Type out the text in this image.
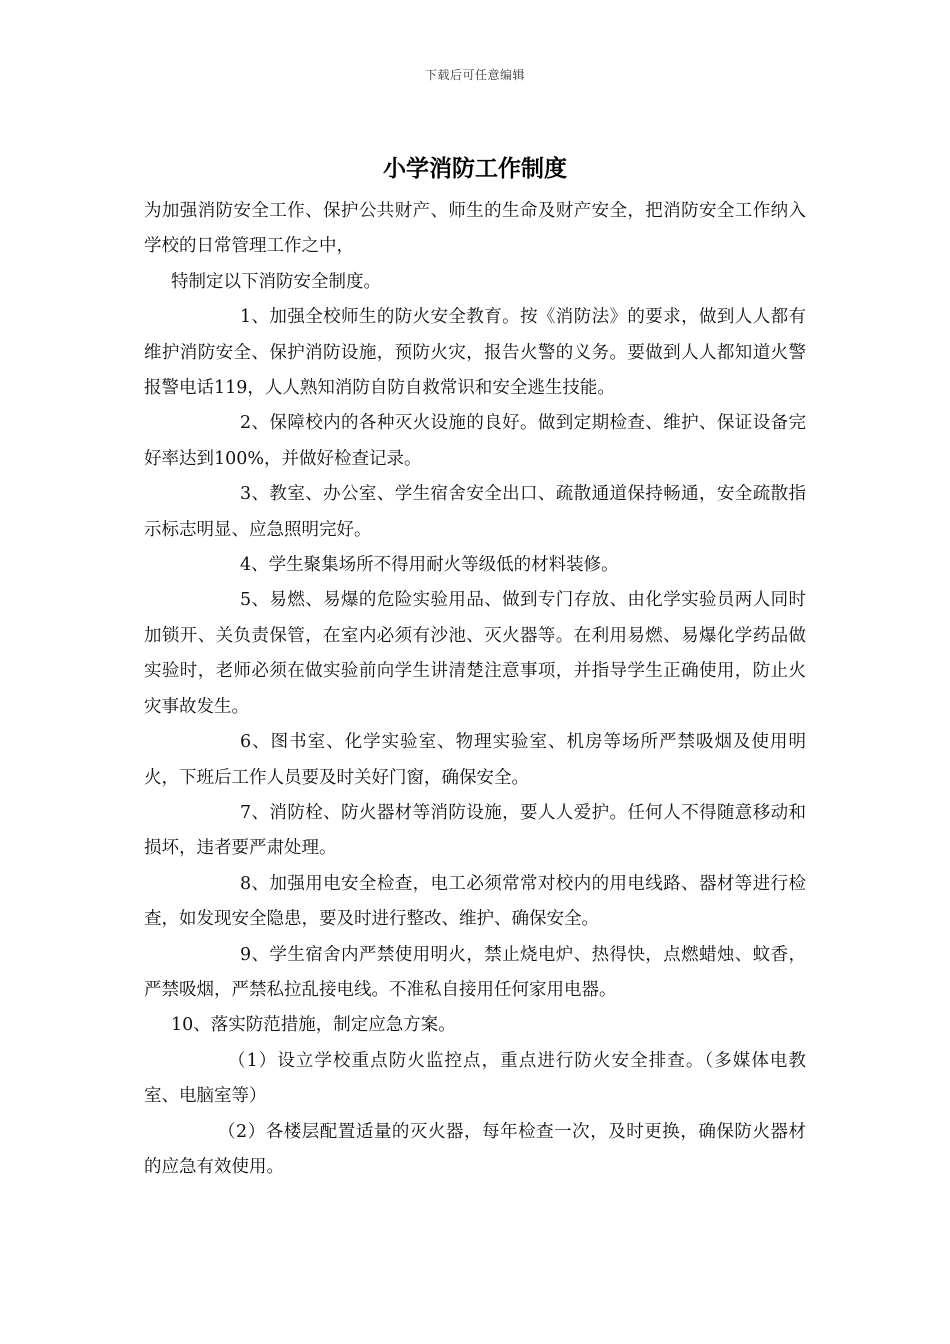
下载后可任意编辑
小学消防工作制度

为加强消防安全工作、保护公共财产、师生的生命及财产安全，把消防安全工作纳入学校的日常管理工作之中，

特制定以下消防安全制度。

1、加强全校师生的防火安全教育。按《消防法》的要求，做到人人都有维护消防安全、保护消防设施，预防火灾，报告火警的义务。要做到人人都知道火警报警电话119，人人熟知消防自防自救常识和安全逃生技能。

2、保障校内的各种灭火设施的良好。做到定期检查、维护、保证设备完好率达到100%，并做好检查记录。

3、教室、办公室、学生宿舍安全出口、疏散通道保持畅通，安全疏散指示标志明显、应急照明完好。

4、学生聚集场所不得用耐火等级低的材料装修。

5、易燃、易爆的危险实验用品、做到专门存放、由化学实验员两人同时加锁开、关负责保管，在室内必须有沙池、灭火器等。在利用易燃、易爆化学药品做实验时，老师必须在做实验前向学生讲清楚注意事项，并指导学生正确使用，防止火灾事故发生。

6、图书室、化学实验室、物理实验室、机房等场所严禁吸烟及使用明火，下班后工作人员要及时关好门窗，确保安全。

7、消防栓、防火器材等消防设施，要人人爱护。任何人不得随意移动和损坏，违者要严肃处理。

8、加强用电安全检查，电工必须常常对校内的用电线路、器材等进行检查，如发现安全隐患，要及时进行整改、维护、确保安全。

9、学生宿舍内严禁使用明火，禁止烧电炉、热得快，点燃蜡烛、蚊香，严禁吸烟，严禁私拉乱接电线。不准私自接用任何家用电器。

10、落实防范措施，制定应急方案。

（1）设立学校重点防火监控点，重点进行防火安全排查。（多媒体电教室、电脑室等）

（2）各楼层配置适量的灭火器，每年检查一次，及时更换，确保防火器材的应急有效使用。
